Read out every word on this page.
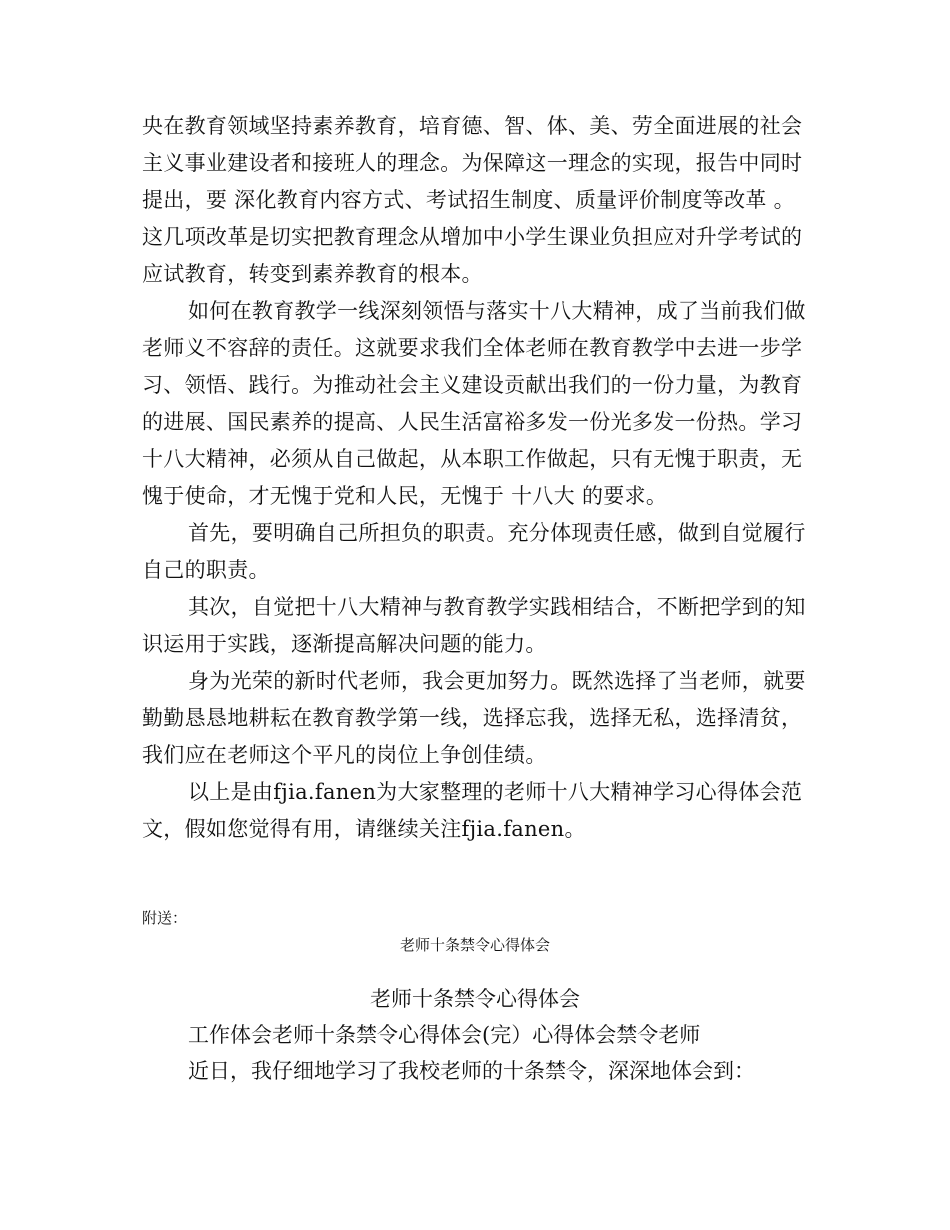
央在教育领域坚持素养教育，培育德、智、体、美、劳全面进展的社会主义事业建设者和接班人的理念。为保障这一理念的实现，报告中同时提出，要 深化教育内容方式、考试招生制度、质量评价制度等改革 。这几项改革是切实把教育理念从增加中小学生课业负担应对升学考试的应试教育，转变到素养教育的根本。

如何在教育教学一线深刻领悟与落实十八大精神，成了当前我们做老师义不容辞的责任。这就要求我们全体老师在教育教学中去进一步学习、领悟、践行。为推动社会主义建设贡献出我们的一份力量，为教育的进展、国民素养的提高、人民生活富裕多发一份光多发一份热。学习十八大精神，必须从自己做起，从本职工作做起，只有无愧于职责，无愧于使命，才无愧于党和人民，无愧于 十八大 的要求。

首先，要明确自己所担负的职责。充分体现责任感，做到自觉履行自己的职责。

其次，自觉把十八大精神与教育教学实践相结合，不断把学到的知识运用于实践，逐渐提高解决问题的能力。

身为光荣的新时代老师，我会更加努力。既然选择了当老师，就要勤勤恳恳地耕耘在教育教学第一线，选择忘我，选择无私，选择清贫，我们应在老师这个平凡的岗位上争创佳绩。

以上是由fjia.fanen为大家整理的老师十八大精神学习心得体会范文，假如您觉得有用，请继续关注fjia.fanen。

附送：
老师十条禁令心得体会
老师十条禁令心得体会
工作体会老师十条禁令心得体会(完）心得体会禁令老师
近日，我仔细地学习了我校老师的十条禁令，深深地体会到：
